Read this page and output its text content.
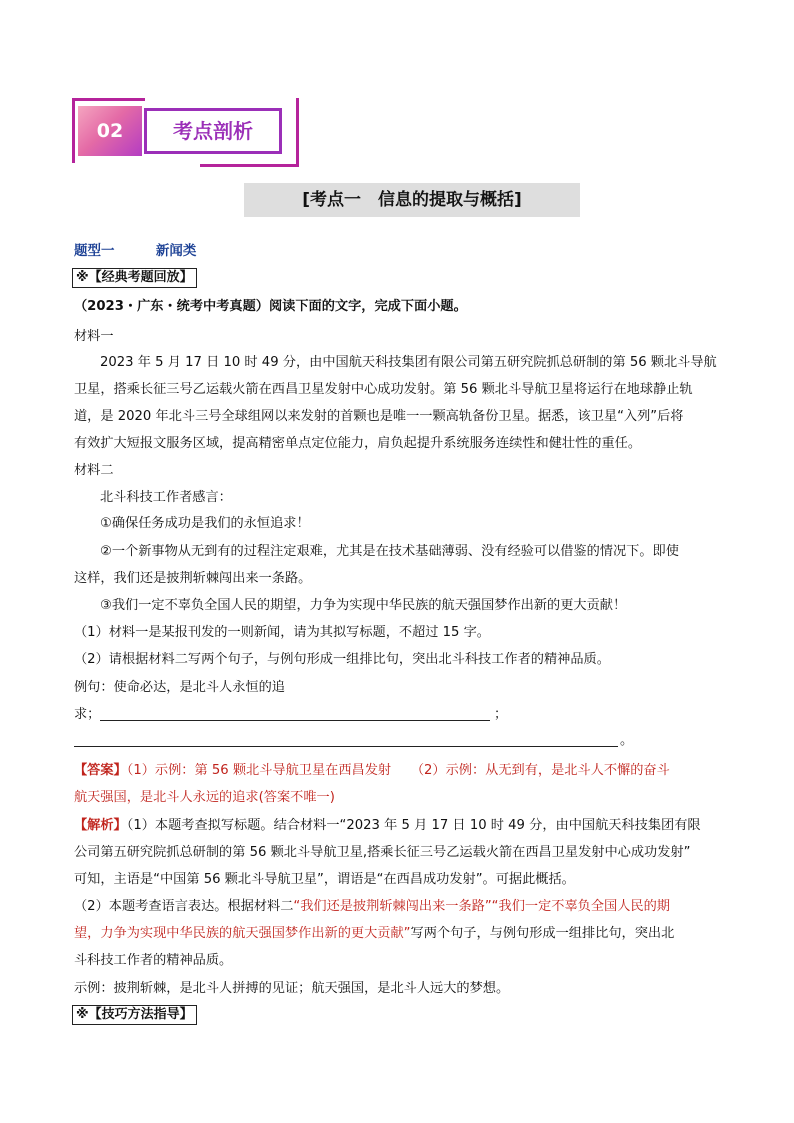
02	考点剖析
[考点一　信息的提取与概括]
题型一	新闻类
※【经典考题回放】
（2023・广东・统考中考真题）阅读下面的文字，完成下面小题。
材料一
2023 年 5 月 17 日 10 时 49 分，由中国航天科技集团有限公司第五研究院抓总研制的第 56 颗北斗导航
卫星，搭乘长征三号乙运载火箭在西昌卫星发射中心成功发射。第 56 颗北斗导航卫星将运行在地球静止轨
道，是 2020 年北斗三号全球组网以来发射的首颗也是唯一一颗高轨备份卫星。据悉，该卫星“入列”后将
有效扩大短报文服务区域，提高精密单点定位能力，肩负起提升系统服务连续性和健壮性的重任。
材料二
北斗科技工作者感言：
①确保任务成功是我们的永恒追求！
②一个新事物从无到有的过程注定艰难，尤其是在技术基础薄弱、没有经验可以借鉴的情况下。即使
这样，我们还是披荆斩棘闯出来一条路。
③我们一定不辜负全国人民的期望，力争为实现中华民族的航天强国梦作出新的更大贡献！
（1）材料一是某报刊发的一则新闻，请为其拟写标题，不超过 15 字。
（2）请根据材料二写两个句子，与例句形成一组排比句，突出北斗科技工作者的精神品质。
例句：使命必达，是北斗人永恒的追
求；	；
。
【答案】（1）示例：第 56 颗北斗导航卫星在西昌发射　　（2）示例：从无到有，是北斗人不懈的奋斗
航天强国，是北斗人永远的追求(答案不唯一)
【解析】（1）本题考查拟写标题。结合材料一“2023 年 5 月 17 日 10 时 49 分，由中国航天科技集团有限
公司第五研究院抓总研制的第 56 颗北斗导航卫星,搭乘长征三号乙运载火箭在西昌卫星发射中心成功发射”
可知，主语是“中国第 56 颗北斗导航卫星”，谓语是“在西昌成功发射”。可据此概括。
（2）本题考查语言表达。根据材料二“我们还是披荆斩棘闯出来一条路”“我们一定不辜负全国人民的期
望，力争为实现中华民族的航天强国梦作出新的更大贡献”写两个句子，与例句形成一组排比句，突出北
斗科技工作者的精神品质。
示例：披荆斩棘，是北斗人拼搏的见证；航天强国，是北斗人远大的梦想。
※【技巧方法指导】
